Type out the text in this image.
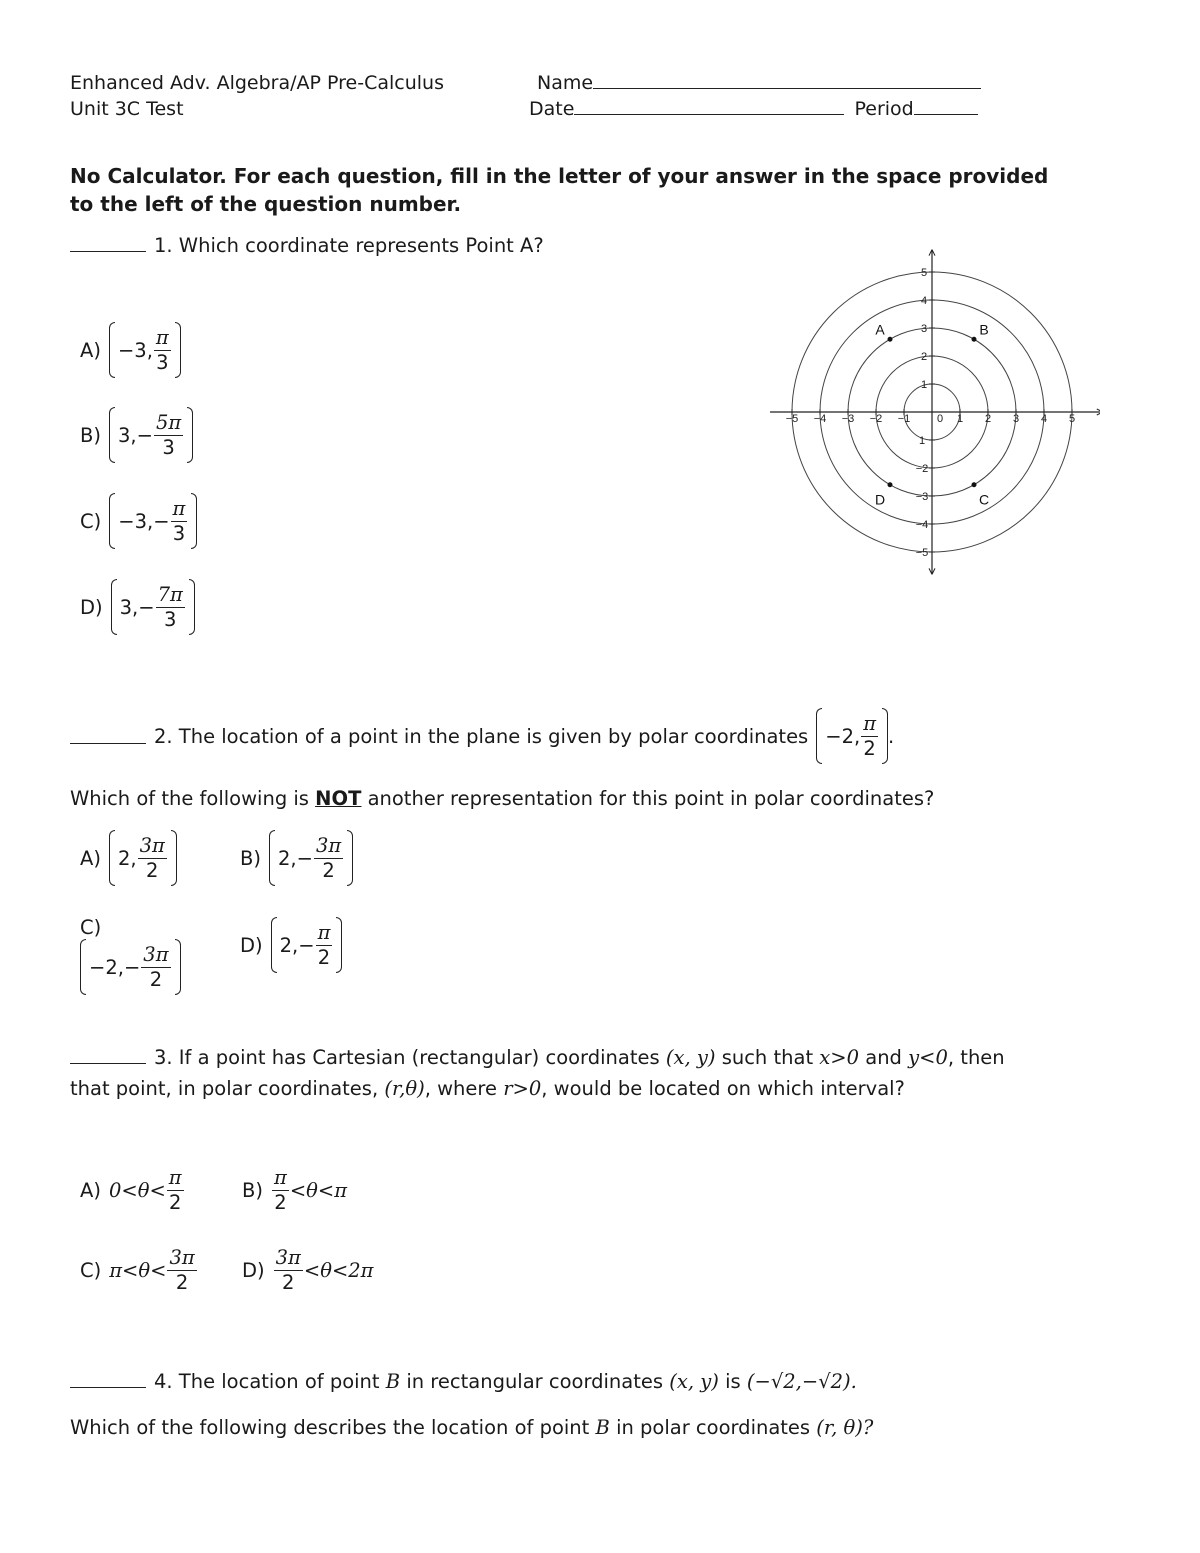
Enhanced Adv. Algebra/AP Pre-Calculus
Unit 3C Test
Name
Date	Period
No Calculator. For each question, fill in the letter of your answer in the space provided to the left of the question number.
1. Which coordinate represents Point A?
A) −3, $\frac{\pi}{3}$
B) 3, − $\frac{5\pi}{3}$
C) −3, − $\frac{\pi}{3}$
D) 3, − $\frac{7\pi}{3}$
−5 −4 −3 −2 −1 0 1 2 3 4 5
1
2
3
4
5
1
−2
−3
−4
−5
A	B
C
D
2. The location of a point in the plane is given by polar coordinates −2, $\frac{\pi}{2}$ .
Which of the following is NOT another representation for this point in polar coordinates?
A) 2, $\frac{3\pi}{2}$	B) 2, − $\frac{3\pi}{2}$
C)
−2, − $\frac{3\pi}{2}$	D) 2, − $\frac{\pi}{2}$
3. If a point has Cartesian (rectangular) coordinates (x, y) such that x>0 and y<0, then
that point, in polar coordinates, (r,θ), where r>0, would be located on which interval?
A) $0<\theta< \frac{\pi}{2}$	$B) \frac{\pi}{2} <\theta<\pi$
C) $\pi<\theta< \frac{3\pi}{2} D) \frac{3\pi}{2} <\theta<2\pi$
4. The location of point B in rectangular coordinates (x, y) is (−√2,−√2).
Which of the following describes the location of point B in polar coordinates (r, θ)?
